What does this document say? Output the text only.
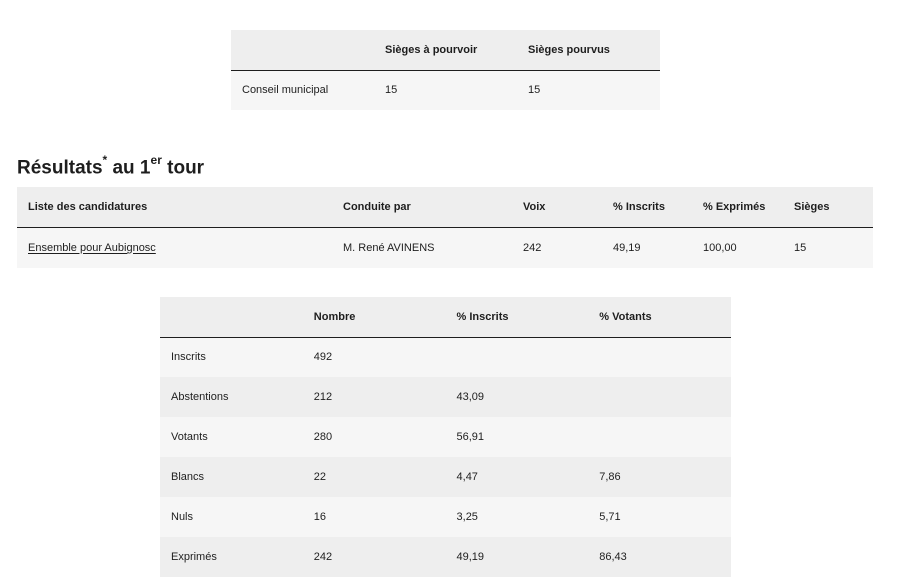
	Sièges à pourvoir	Sièges pourvus
Conseil municipal	15	15
Résultats* au 1er tour
Liste des candidatures	Conduite par	Voix	% Inscrits	% Exprimés	Sièges
Ensemble pour Aubignosc	M. René AVINENS	242	49,19	100,00	15
	Nombre	% Inscrits	% Votants
Inscrits	492		
Abstentions	212	43,09	
Votants	280	56,91	
Blancs	22	4,47	7,86
Nuls	16	3,25	5,71
Exprimés	242	49,19	86,43
